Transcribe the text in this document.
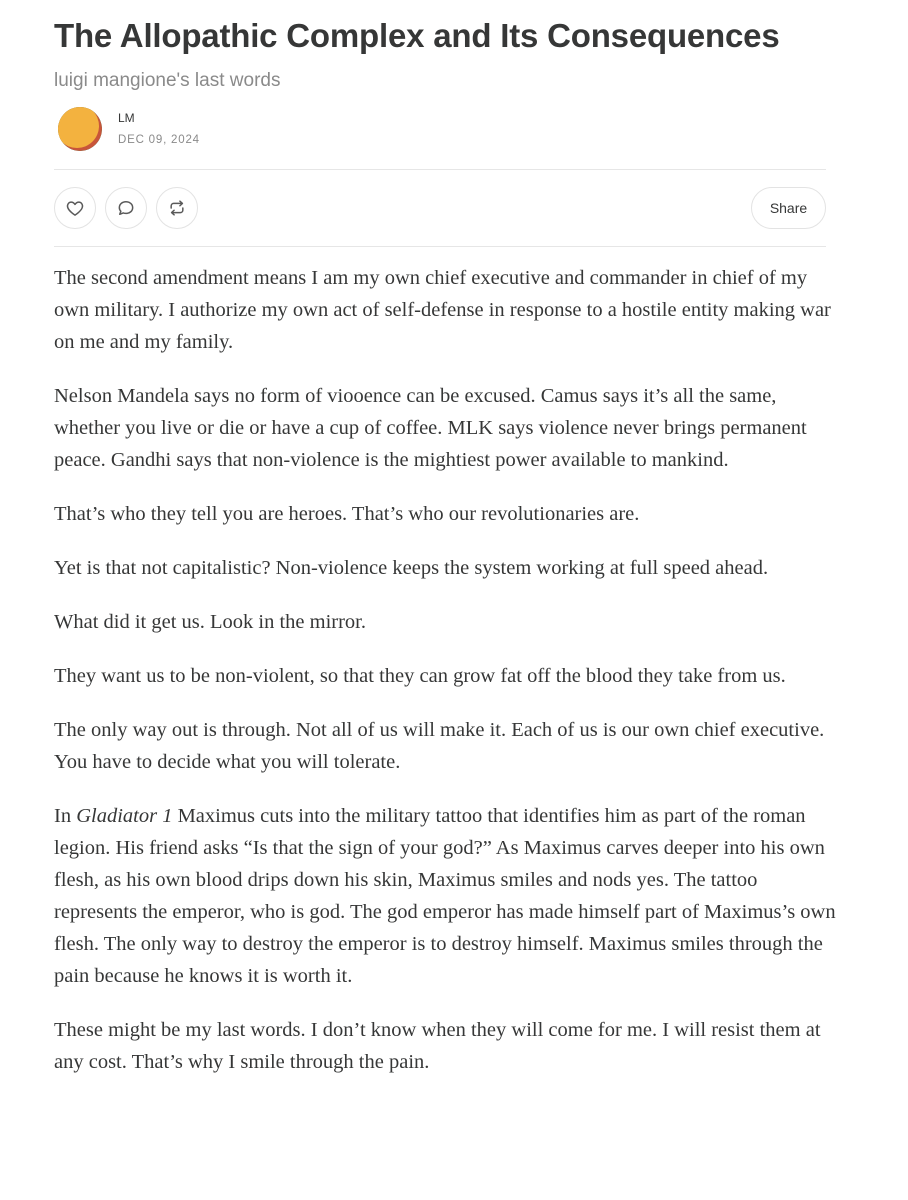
The Allopathic Complex and Its Consequences
luigi mangione's last words
LM
DEC 09, 2024
Share

The second amendment means I am my own chief executive and commander in chief of my own military. I authorize my own act of self-defense in response to a hostile entity making war on me and my family.

Nelson Mandela says no form of viooence can be excused. Camus says it’s all the same, whether you live or die or have a cup of coffee. MLK says violence never brings permanent peace. Gandhi says that non-violence is the mightiest power available to mankind.

That’s who they tell you are heroes. That’s who our revolutionaries are.

Yet is that not capitalistic? Non-violence keeps the system working at full speed ahead.

What did it get us. Look in the mirror.

They want us to be non-violent, so that they can grow fat off the blood they take from us.

The only way out is through. Not all of us will make it. Each of us is our own chief executive. You have to decide what you will tolerate.

In Gladiator 1 Maximus cuts into the military tattoo that identifies him as part of the roman legion. His friend asks “Is that the sign of your god?” As Maximus carves deeper into his own flesh, as his own blood drips down his skin, Maximus smiles and nods yes. The tattoo represents the emperor, who is god. The god emperor has made himself part of Maximus’s own flesh. The only way to destroy the emperor is to destroy himself. Maximus smiles through the pain because he knows it is worth it.

These might be my last words. I don’t know when they will come for me. I will resist them at any cost. That’s why I smile through the pain.
